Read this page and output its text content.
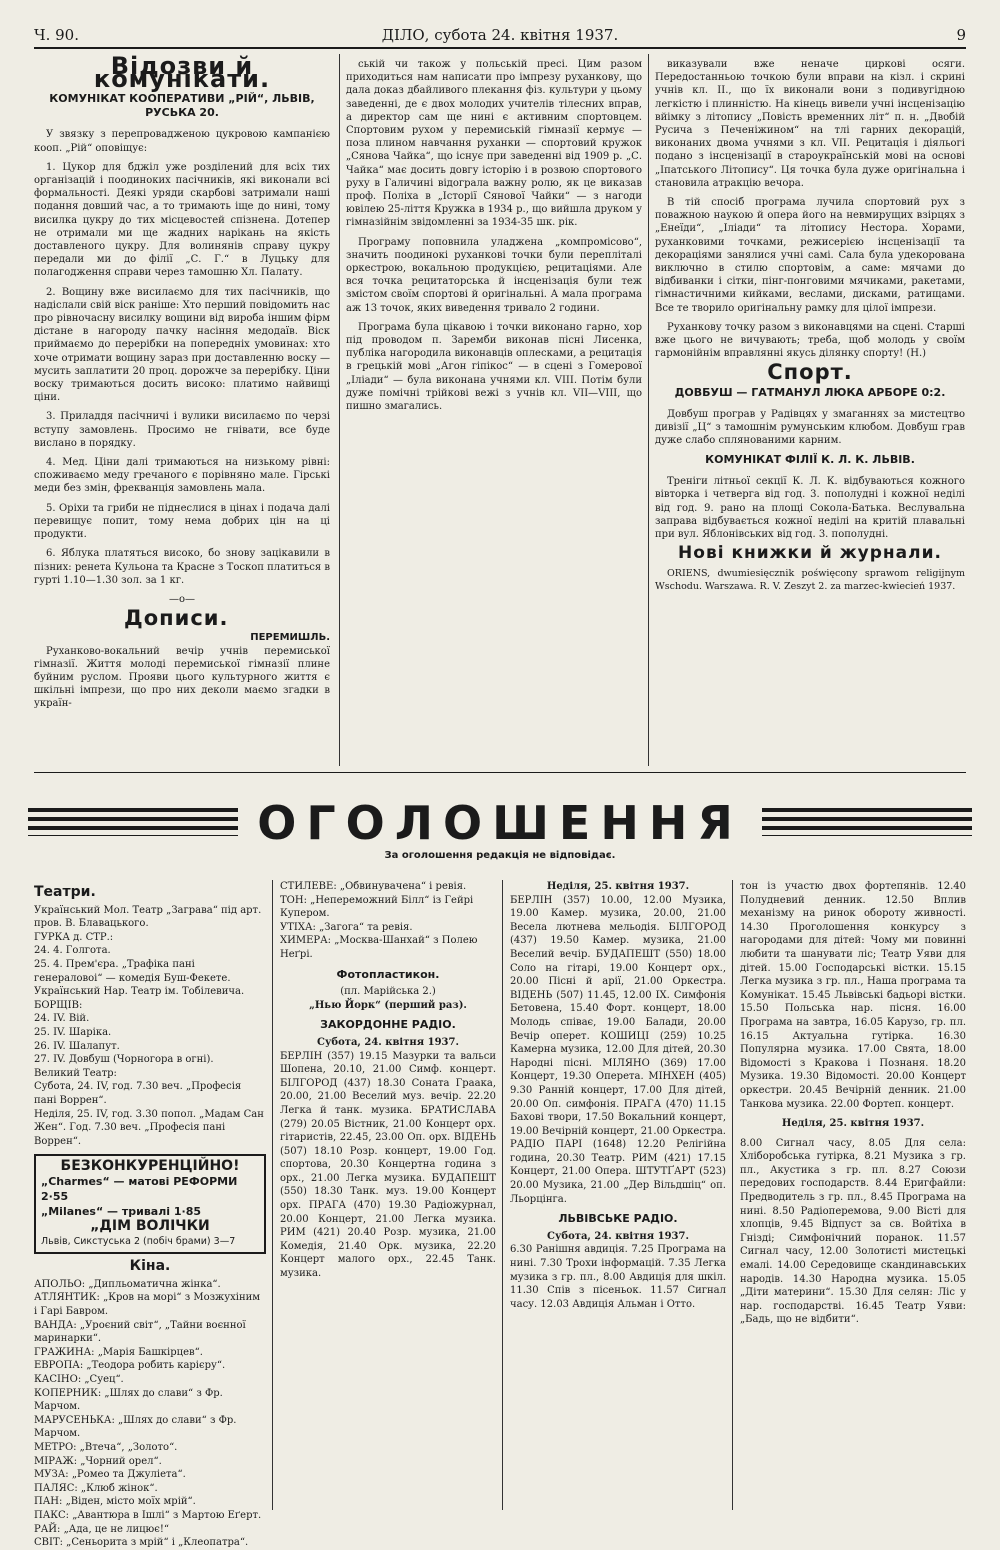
Ч. 90.	ДІЛО, субота 24. квітня 1937.	9
Відозви й комунікати.
КОМУНІКАТ КООПЕРАТИВИ „РІЙ“, ЛЬВІВ, РУСЬКА 20.

У звязку з перепровадженою цукровою кампанією коoп. „Рій“ оповіщує:

1. Цукор для бджіл уже розділений для всіх тих організацій і поодиноких пасічників, які виконали всі формальності. Деякі уряди скарбові затримали наші подання довший час, а то тримають іще до нині, тому висилка цукру до тих місцевостей спізнена. Дотепер не отримали ми ще жадних нарікань на якість доставленого цукру. Для волинянів справу цукру передали ми до філії „С. Г.“ в Луцьку для полагодження справи через тамошню Хл. Палату.

2. Вощину вже висилаємо для тих пасічників, що надіслали свій віск раніше: Хто перший повідомить нас про рівночасну висилку вощини від вироба іншим фірм дістане в нагороду пачку насіння медодаїв. Віск приймаємо до перерібки на попередніх умовинах: хто хоче отримати вощину зараз при доставленню воску — мусить заплатити 20 проц. дорожче за перерібку. Ціни воску тримаються досить високо: платимо найвищі ціни.

3. Приладдя пасічничі і вулики висилаємо по черзі вступу замовлень. Просимо не гнівати, все буде вислано в порядку.

4. Мед. Ціни далі тримаються на низькому рівні: споживаємо меду гречаного є порівняно мале. Гірські меди без змін, фрекванція замовлень мала.

5. Оріхи та гриби не піднеслися в цінах і подача далі перевищує попит, тому нема добрих цін на ці продукти.

6. Яблука платяться високо, бо знову зацікавили в пізних: ренета Кульона та Красне з Тоскоп платиться в гурті 1.10—1.30 зол. за 1 кг.

—о—
Дописи.
ПЕРЕМИШЛЬ.

Руханково-вокальний вечір учнів перемиської гімназії. Життя молоді перемиської гімназії плине буйним руслом. Прояви цього культурного життя є шкільні імпрези, що про них деколи маємо згадки в україн-

ській чи також у польській пресі. Цим разом приходиться нам написати про імпрезу руханкову, що дала доказ дбайливого плекання фіз. культури у цьому заведенні, де є двох молодих учителів тілесних вправ, а директор сам ще нині є активним спортовцем. Спортовим рухом у перемиській гімназії кермує — поза плином навчання руханки — спортовий кружок „Сянова Чайка“, що існує при заведенні від 1909 р. „С. Чайка“ має досить довгу історію і в розвою спортового руху в Галичині відограла важну ролю, як це виказав проф. Поліха в „Історії Сянової Чайки“ — з нагоди ювілею 25-ліття Кружка в 1934 р., що вийшла друком у гімназійнім звідомленні за 1934-35 шк. рік.

Програму поповнила уладжена „компромісово“, значить поодинокі руханкові точки були перепліталі оркестрою, вокальною продукцією, рецитаціями. Але вся точка рецитаторська й інсценізація були теж змістом своїм спортові й оригінальні. А мала програма аж 13 точок, яких виведення тривало 2 години.

Програма була цікавою і точки виконано гарно, хор під проводом п. Заремби виконав пісні Лисенка, публіка нагородила виконавців оплесками, а рецитація в грецькій мові „Агон гіпікос“ — в сцені з Гомерової „Іліади“ — була виконана учнями кл. VIII. Потім були дуже помічні трійкові вежі з учнів кл. VII—VIII, що пишно змагались.

виказували вже неначе циркові осяги. Передостанньою точкою були вправи на кізл. і скрині учнів кл. II., що їх виконали вони з подивугідною легкістю і плинністю. На кінець вивели учні інсценізацію вйімку з літопису „Повість временних літ“ п. н. „Двобій Русича з Печеніжином“ на тлі гарних декорацій, виконаних двома учнями з кл. VII. Рецитація і діяльогі подано з інсценізації в староукраїнській мові на основі „Іпатського Літопису“. Ця точка була дуже оригінальна і становила атракцію вечора.

В тій спосіб програма лучила спортовий рух з поважною наукою й опера його на невмирущих взірцях з „Енеїди“, „Іліади“ та літопису Нестора. Хорами, руханковими точками, режисерією інсценізації та декораціями занялися учні самі. Сала була удекорована виключно в стилю спортовім, а саме: мячами до відбиванки і сітки, пінг-понговими мячиками, ракетами, гімнастичними кийками, веслами, дисками, ратищами. Все те творило оригінальну рамку для цілої імпрези.

Руханкову точку разом з виконавцями на сцені. Старші вже цього не вичувають; треба, щоб молодь у своїм гармонійнім вправлянні якусь ділянку спорту! (Н.)

Спорт.
ДОВБУШ — ГАТМАНУЛ ЛЮКА АРБОРЕ 0:2.

Довбуш програв у Радівцях у змаганнях за мистецтво дивізії „Ц“ з тамошнім румунським клюбом. Довбуш грав дуже слабо сплянованими карним.

КОМУНІКАТ ФІЛІЇ К. Л. К. ЛЬВІВ.

Треніги літньої секції К. Л. К. відбуваються кожного вівторка і четверга від год. 3. пополудні і кожної неділі від год. 9. рано на площі Сокола-Батька. Веслувальна заправа відбувається кожної неділі на критій плавальні при вул. Яблонівських від год. 3. пополудні.

Нові книжки й журнали.

ORIENS, dwumiesięcznik poświęcony sprawom religijnym Wschodu. Warszawa. R. V. Zeszyt 2. za marzec-kwiecień 1937.

ОГОЛОШЕННЯ
За оголошення редакція не відповідає.
Театри.
Український Мол. Театр „Заграва“ під арт. пров. В. Блавацького.
ГУРКА д. СТР.:
24. 4. Голгота.
25. 4. Прем'єра. „Трафіка пані генераловоі“ — комедія Буш-Фекете.
Український Нар. Театр ім. Тобілевича.
БОРЩІВ:
24. IV. Вій.
25. IV. Шаріка.
26. IV. Шалапут.
27. IV. Довбуш (Чорногора в огні).
Великий Театр:
Субота, 24. IV, год. 7.30 веч. „Професія пані Воррен“.
Неділя, 25. IV, год. 3.30 попол. „Мадам Сан Жен“. Год. 7.30 веч. „Професія пані Воррен“.
БЕЗКОНКУРЕНЦІЙНО!
„Charmes“ — матові РЕФОРМИ 2·55
„Milanes“ — тривалі 1·85
„ДІМ ВОЛІЧКИ
Львів, Сикстуська 2 (побіч брами) 3—7
Кіна.
АПОЛЬО: „Дипльоматична жінка“.
АТЛЯНТИК: „Кров на морі“ з Мозжухіним і Гарі Бавром.
ВАНДА: „Уроєний світ“, „Тайни воєнної маринарки“.
ГРАЖИНА: „Марія Башкірцев“.
ЕВРОПА: „Теодора робить карієру“.
КАСІНО: „Суец“.
КОПЕРНИК: „Шлях до слави“ з Фр. Марчом.
МАРУСЕНЬКА: „Шлях до слави“ з Фр. Марчом.
МЕТРО: „Втеча“, „Золото“.
МІРАЖ: „Чорний орел“.
МУЗА: „Ромео та Джуліета“.
ПАЛЯС: „Клюб жінок“.
ПАН: „Віден, місто моїх мрій“.
ПАКС: „Авантюра в Ішлі“ з Мартою Еґерт.
РАЙ: „Ада, це не лицює!“
СВІТ: „Сеньорита з мрій“ і „Клеопатра“.
СТИЛЕВЕ: „Обвинувачена“ і ревія.
ТОН: „Непереможний Білл“ із Гейрі Купером.
УТІХА: „Загога“ та ревія.
ХИМЕРА: „Москва-Шанхай“ з Полею Неґрі.
Фотопластикон.
(пл. Марійська 2.)
„Нью Йорк“ (перший раз).
ЗАКОРДОННЕ РАДІО.
Субота, 24. квітня 1937.
БЕРЛІН (357) 19.15 Мазурки та вальси Шопена, 20.10, 21.00 Симф. концерт. БІЛГОРОД (437) 18.30 Соната Граака, 20.00, 21.00 Веселий муз. вечір. 22.20 Легка й танк. музика. БРАТИСЛАВА (279) 20.05 Вістник, 21.00 Концерт орх. гітаристів, 22.45, 23.00 Оп. орх. ВІДЕНЬ (507) 18.10 Розр. концерт, 19.00 Год. спортова, 20.30 Концертна година з орх., 21.00 Легка музика. БУДАПЕШТ (550) 18.30 Танк. муз. 19.00 Концерт орх. ПРАГА (470) 19.30 Радіожурнал, 20.00 Концерт, 21.00 Легка музика. РИМ (421) 20.40 Розр. музика, 21.00 Комедія, 21.40 Орк. музика, 22.20 Концерт малого орх., 22.45 Танк. музика.
Неділя, 25. квітня 1937.
БЕРЛІН (357) 10.00, 12.00 Музика, 19.00 Камер. музика, 20.00, 21.00 Весела лютнева мельодія. БІЛГОРОД (437) 19.50 Камер. музика, 21.00 Веселий вечір. БУДАПЕШТ (550) 18.00 Соло на гітарі, 19.00 Концерт орх., 20.00 Пісні й арії, 21.00 Оркестра. ВІДЕНЬ (507) 11.45, 12.00 IX. Симфонія Бетовена, 15.40 Форт. концерт, 18.00 Молодь співає, 19.00 Балади, 20.00 Вечір оперет. КОШИЦІ (259) 10.25 Камерна музика, 12.00 Для дітей, 20.30 Народні пісні. МІЛЯНО (369) 17.00 Концерт, 19.30 Оперета. МІНХЕН (405) 9.30 Ранній концерт, 17.00 Для дітей, 20.00 Оп. симфонія. ПРАГА (470) 11.15 Бахові твори, 17.50 Вокальний концерт, 19.00 Вечірній концерт, 21.00 Оркестра. РАДІО ПАРІ (1648) 12.20 Релігійна година, 20.30 Театр. РИМ (421) 17.15 Концерт, 21.00 Опера. ШТУТҐАРТ (523) 20.00 Музика, 21.00 „Дер Вільдшіц“ оп. Льорцінга.
ЛЬВІВСЬКЕ РАДІО.
Субота, 24. квітня 1937.
6.30 Ранішня авдиція. 7.25 Програма на нині. 7.30 Трохи інформацій. 7.35 Легка музика з гр. пл., 8.00 Авдиція для шкіл. 11.30 Спів з пісеньок. 11.57 Сигнал часу. 12.03 Авдиція Альман і Отто.
тон із участю двох фортепянів. 12.40 Полудневий денник. 12.50 Вплив механізму на ринок обороту живності. 14.30 Проголошення конкурсу з нагородами для дітей: Чому ми повинні любити та шанувати ліс; Театр Уяви для дітей. 15.00 Господарські вістки. 15.15 Легка музика з гр. пл., Наша програма та Комунікат. 15.45 Львівські бадьорі вістки. 15.50 Польська нар. пісня. 16.00 Програма на завтра, 16.05 Карузо, гр. пл. 16.15 Актуальна гутірка. 16.30 Популярна музика. 17.00 Свята, 18.00 Відомості з Кракова і Познаня. 18.20 Музика. 19.30 Відомості. 20.00 Концерт оркестри. 20.45 Вечірній денник. 21.00 Танкова музика. 22.00 Фортеп. концерт.
Неділя, 25. квітня 1937.
8.00 Сигнал часу, 8.05 Для села: Хліборобська гутірка, 8.21 Музика з гр. пл., Акустика з гр. пл. 8.27 Союзи передових господарств. 8.44 Еригфайли: Предводитель з гр. пл., 8.45 Програма на нині. 8.50 Радіоперемова, 9.00 Вісті для хлопців, 9.45 Відпуст за св. Войтіха в Гнізді; Симфонічний поранок. 11.57 Сигнал часу, 12.00 Золотисті мистецькі емалі. 14.00 Середовище скандинавських народів. 14.30 Народна музика. 15.05 „Діти материни“. 15.30 Для селян: Ліс у нар. господарстві. 16.45 Театр Уяви: „Бадь, що не відбити“.
